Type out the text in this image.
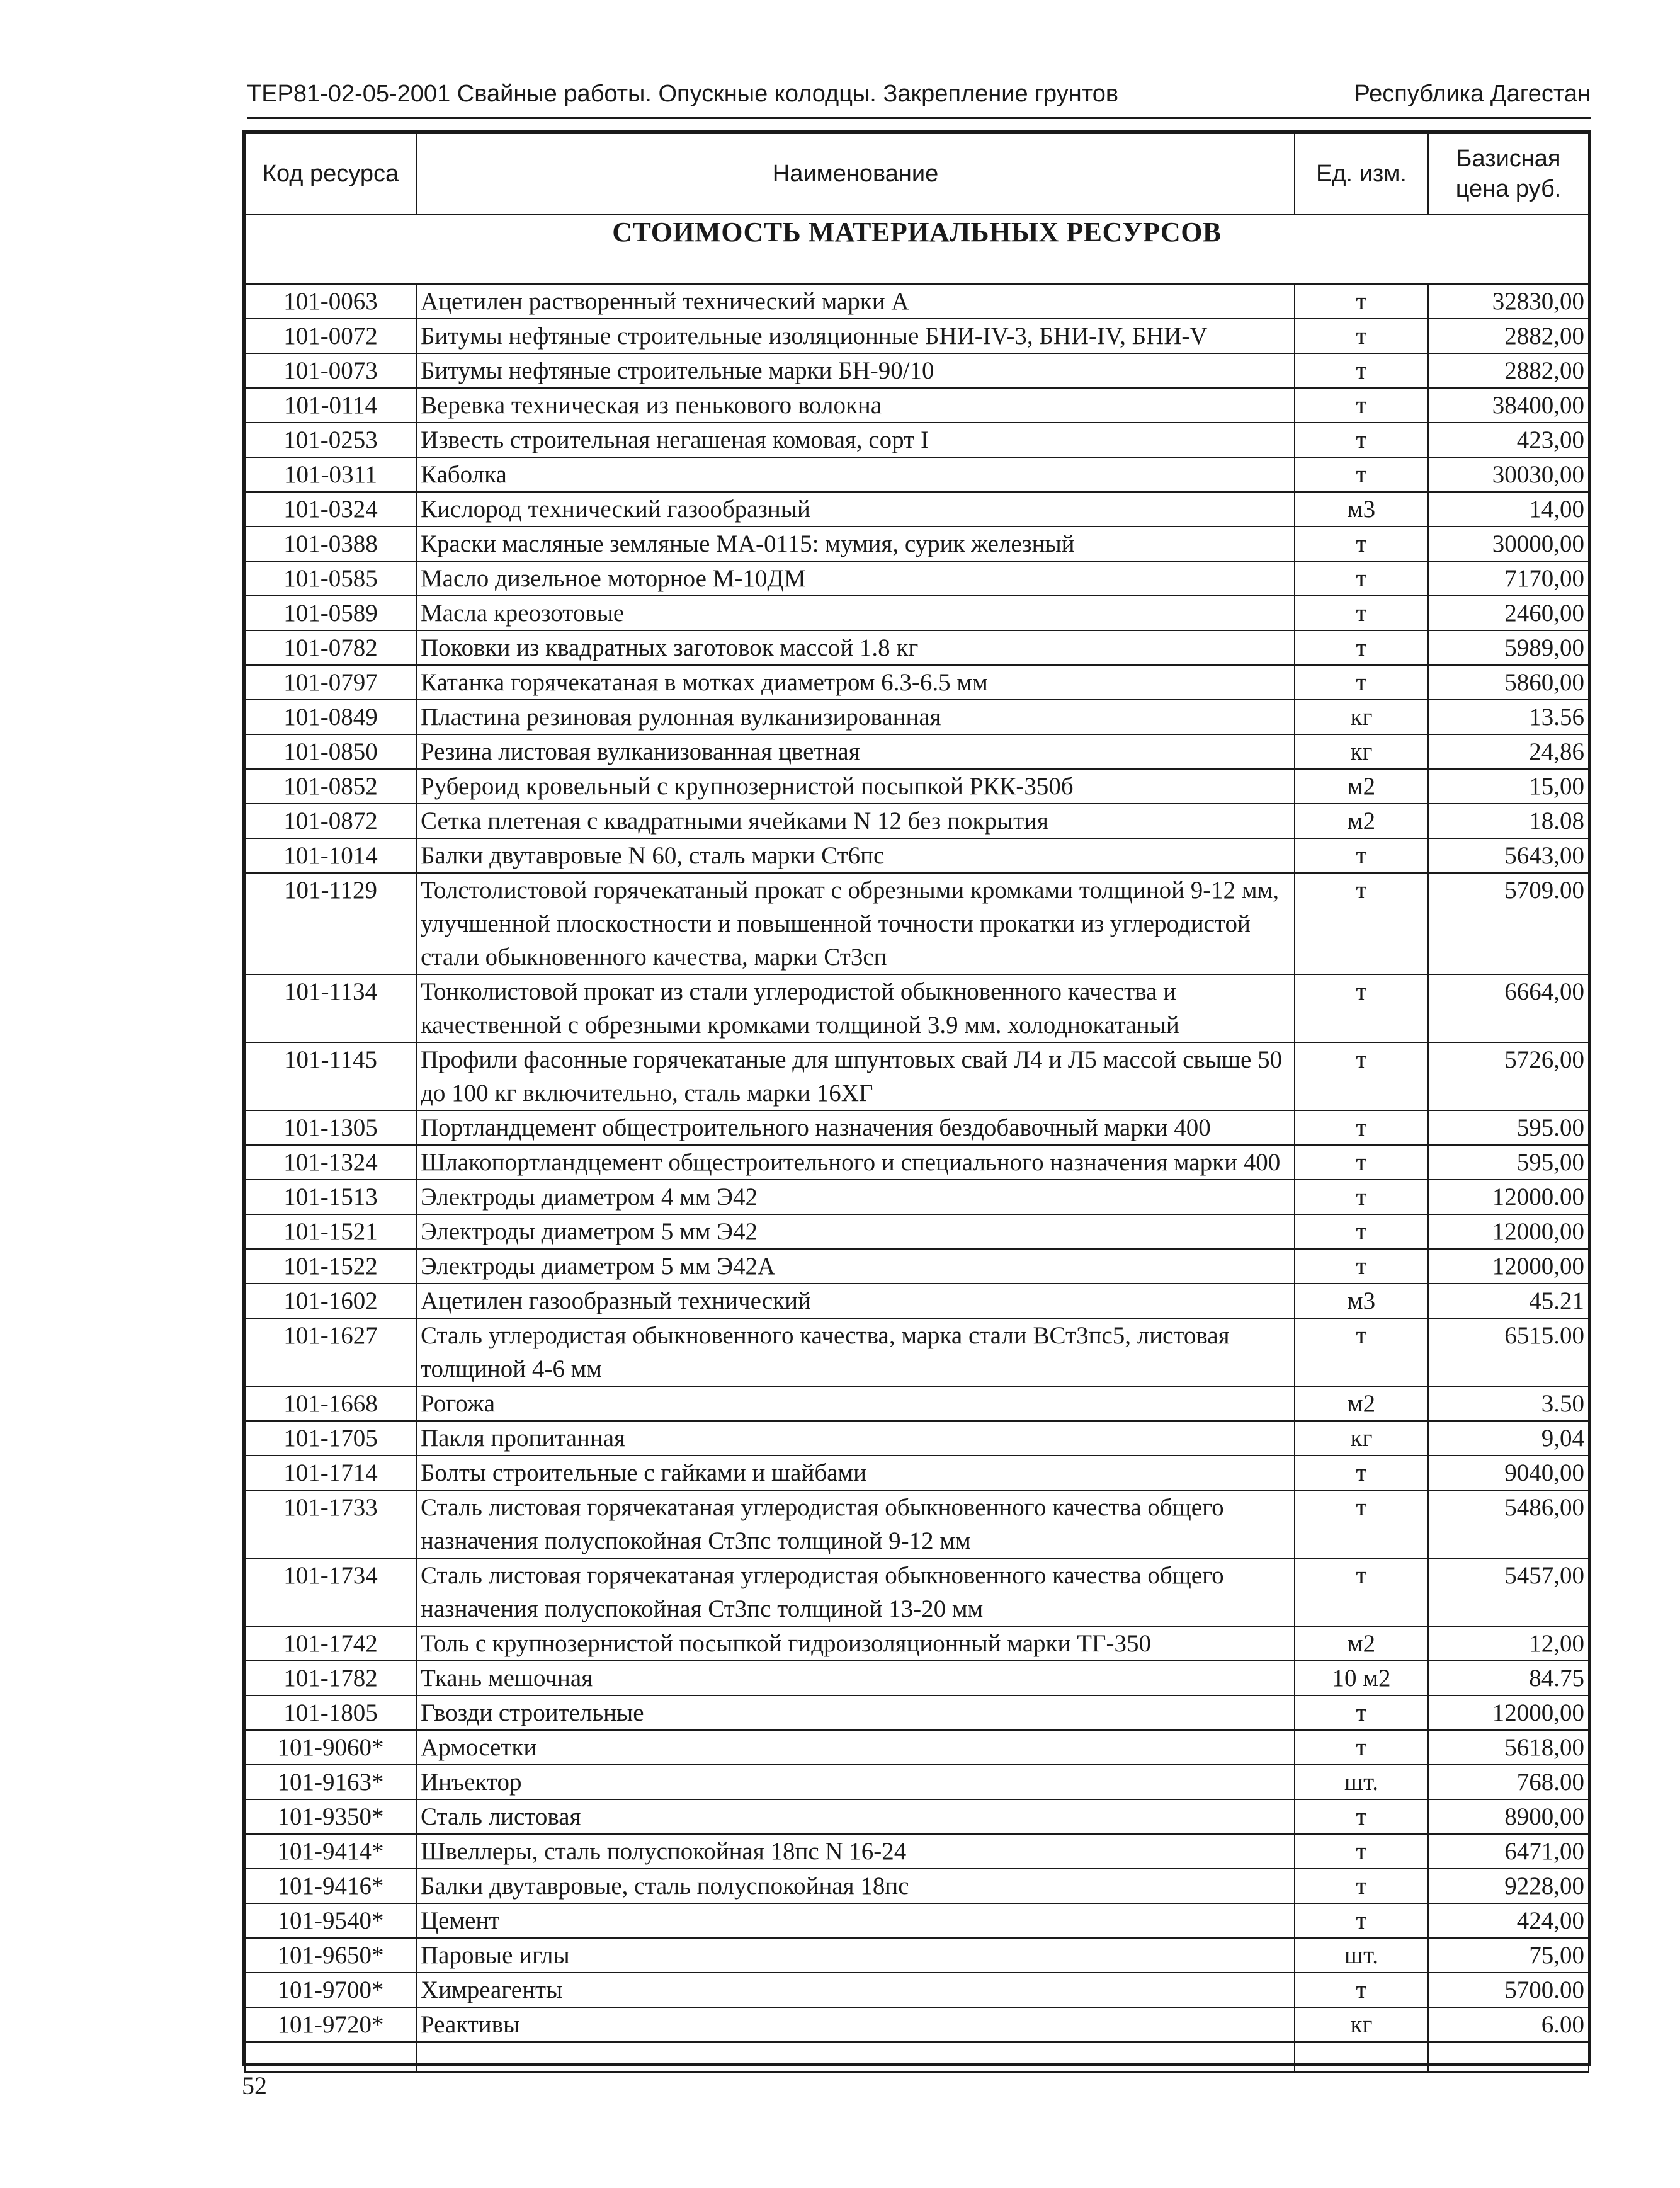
ТЕР81-02-05-2001 Свайные работы. Опускные колодцы. Закрепление грунтов	Республика Дагестан
Код ресурса	Наименование	Ед. изм.	Базисная цена руб.
СТОИМОСТЬ МАТЕРИАЛЬНЫХ РЕСУРСОВ			
101-0063	Ацетилен растворенный технический марки А	т	32830,00
101-0072	Битумы нефтяные строительные изоляционные БНИ-IV-3, БНИ-IV, БНИ-V	т	2882,00
101-0073	Битумы нефтяные строительные марки БН-90/10	т	2882,00
101-0114	Веревка техническая из пенькового волокна	т	38400,00
101-0253	Известь строительная негашеная комовая, сорт I	т	423,00
101-0311	Каболка	т	30030,00
101-0324	Кислород технический газообразный	м3	14,00
101-0388	Краски масляные земляные МА-0115: мумия, сурик железный	т	30000,00
101-0585	Масло дизельное моторное М-10ДМ	т	7170,00
101-0589	Масла креозотовые	т	2460,00
101-0782	Поковки из квадратных заготовок массой 1.8 кг	т	5989,00
101-0797	Катанка горячекатаная в мотках диаметром 6.3-6.5 мм	т	5860,00
101-0849	Пластина резиновая рулонная вулканизированная	кг	13.56
101-0850	Резина листовая вулканизованная цветная	кг	24,86
101-0852	Рубероид кровельный с крупнозернистой посыпкой РКК-350б	м2	15,00
101-0872	Сетка плетеная с квадратными ячейками N 12 без покрытия	м2	18.08
101-1014	Балки двутавровые N 60, сталь марки Ст6пс	т	5643,00
101-1129	Толстолистовой горячекатаный прокат с обрезными кромками толщиной 9-12 мм, улучшенной плоскостности и повышенной точности прокатки из углеродистой стали обыкновенного качества, марки Ст3сп	т	5709.00
101-1134	Тонколистовой прокат из стали углеродистой обыкновенного качества и качественной с обрезными кромками толщиной 3.9 мм. холоднокатаный	т	6664,00
101-1145	Профили фасонные горячекатаные для шпунтовых свай Л4 и Л5 массой свыше 50 до 100 кг включительно, сталь марки 16ХГ	т	5726,00
101-1305	Портландцемент общестроительного назначения бездобавочный марки 400	т	595.00
101-1324	Шлакопортландцемент общестроительного и специального назначения марки 400	т	595,00
101-1513	Электроды диаметром 4 мм Э42	т	12000.00
101-1521	Электроды диаметром 5 мм Э42	т	12000,00
101-1522	Электроды диаметром 5 мм Э42А	т	12000,00
101-1602	Ацетилен газообразный технический	м3	45.21
101-1627	Сталь углеродистая обыкновенного качества, марка стали ВСт3пс5, листовая толщиной 4-6 мм	т	6515.00
101-1668	Рогожа	м2	3.50
101-1705	Пакля пропитанная	кг	9,04
101-1714	Болты строительные с гайками и шайбами	т	9040,00
101-1733	Сталь листовая горячекатаная углеродистая обыкновенного качества общего назначения полуспокойная Ст3пс толщиной 9-12 мм	т	5486,00
101-1734	Сталь листовая горячекатаная углеродистая обыкновенного качества общего назначения полуспокойная Ст3пс толщиной 13-20 мм	т	5457,00
101-1742	Толь с крупнозернистой посыпкой гидроизоляционный марки ТГ-350	м2	12,00
101-1782	Ткань мешочная	10 м2	84.75
101-1805	Гвозди строительные	т	12000,00
101-9060*	Армосетки	т	5618,00
101-9163*	Инъектор	шт.	768.00
101-9350*	Сталь листовая	т	8900,00
101-9414*	Швеллеры, сталь полуспокойная 18пс N 16-24	т	6471,00
101-9416*	Балки двутавровые, сталь полуспокойная 18пс	т	9228,00
101-9540*	Цемент	т	424,00
101-9650*	Паровые иглы	шт.	75,00
101-9700*	Химреагенты	т	5700.00
101-9720*	Реактивы	кг	6.00

52
